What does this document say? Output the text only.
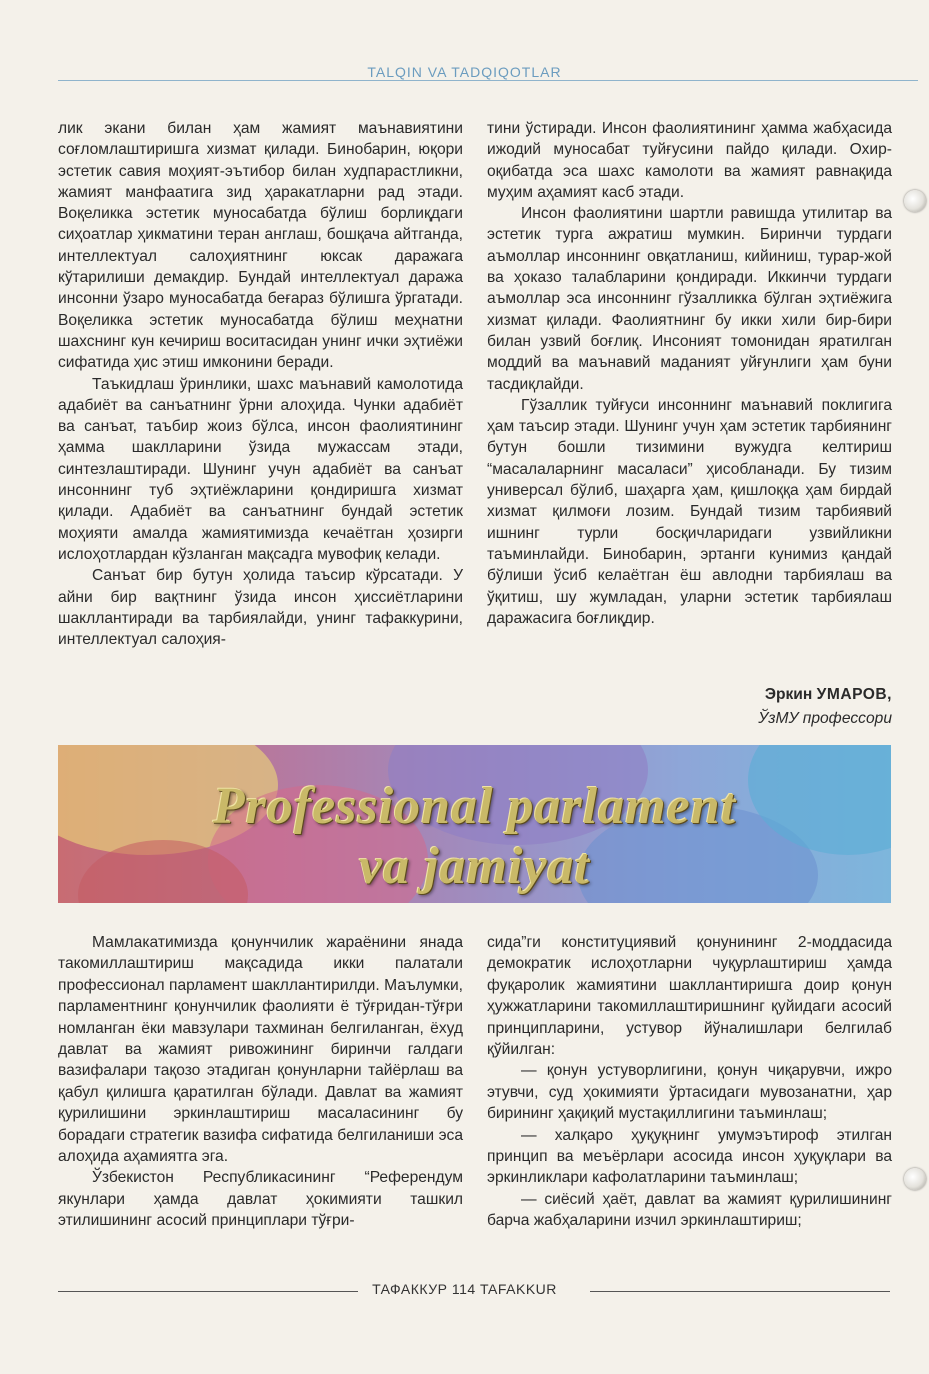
TALQIN VA TADQIQOTLAR

лик экани билан ҳам жамият маънавиятини соғломлаштиришга хизмат қилади. Бинобарин, юқори эстетик савия моҳият-эътибор билан худпарастликни, жамият манфаатига зид ҳаракатларни рад этади. Воқеликка эстетик муносабатда бўлиш борлиқдаги сиҳоатлар ҳикматини теран англаш, бошқача айтганда, интеллектуал салоҳиятнинг юксак даражага кўтарилиши демакдир. Бундай интеллектуал даража инсонни ўзаро муносабатда беғараз бўлишга ўргатади. Воқеликка эстетик муносабатда бўлиш меҳнатни шахснинг кун кечириш воситасидан унинг ички эҳтиёжи сифатида ҳис этиш имконини беради.

Таъкидлаш ўринлики, шахс маънавий камолотида адабиёт ва санъатнинг ўрни алоҳида. Чунки адабиёт ва санъат, таъбир жоиз бўлса, инсон фаолиятининг ҳамма шаклларини ўзида мужассам этади, синтезлаштиради. Шунинг учун адабиёт ва санъат инсоннинг туб эҳтиёжларини қондиришга хизмат қилади. Адабиёт ва санъатнинг бундай эстетик моҳияти амалда жамиятимизда кечаётган ҳозирги ислоҳотлардан кўзланган мақсадга мувофиқ келади.

Санъат бир бутун ҳолида таъсир кўрсатади. У айни бир вақтнинг ўзида инсон ҳиссиётларини шакллантиради ва тарбиялайди, унинг тафаккурини, интеллектуал салоҳия-

тини ўстиради. Инсон фаолиятининг ҳамма жабҳасида ижодий муносабат туйғусини пайдо қилади. Охир-оқибатда эса шахс камолоти ва жамият равнақида муҳим аҳамият касб этади.

Инсон фаолиятини шартли равишда утилитар ва эстетик турга ажратиш мумкин. Биринчи турдаги аъмоллар инсоннинг овқатланиш, кийиниш, турар-жой ва ҳоказо талабларини қондиради. Иккинчи турдаги аъмоллар эса инсоннинг гўзалликка бўлган эҳтиёжига хизмат қилади. Фаолиятнинг бу икки хили бир-бири билан узвий боғлиқ. Инсоният томонидан яратилган моддий ва маънавий маданият уйғунлиги ҳам буни тасдиқлайди.

Гўзаллик туйғуси инсоннинг маънавий поклигига ҳам таъсир этади. Шунинг учун ҳам эстетик тарбиянинг бутун бошли тизимини вужудга келтириш “масалаларнинг масаласи” ҳисобланади. Бу тизим универсал бўлиб, шаҳарга ҳам, қишлоққа ҳам бирдай хизмат қилмоғи лозим. Бундай тизим тарбиявий ишнинг турли босқичларидаги узвийликни таъминлайди. Бинобарин, эртанги кунимиз қандай бўлиши ўсиб келаётган ёш авлодни тарбиялаш ва ўқитиш, шу жумладан, уларни эстетик тарбиялаш даражасига боғлиқдир.

Эркин УМАРОВ,
ЎзМУ профессори
Professional parlament
va jamiyat

Мамлакатимизда қонунчилик жараёнини янада такомиллаштириш мақсадида икки палатали профессионал парламент шакллантирилди. Маълумки, парламентнинг қонунчилик фаолияти ё тўғридан-тўғри номланган ёки мавзулари тахминан белгиланган, ёхуд давлат ва жамият ривожининг биринчи галдаги вазифалари тақозо этадиган қонунларни тайёрлаш ва қабул қилишга қаратилган бўлади. Давлат ва жамият қурилишини эркинлаштириш масаласининг бу борадаги стратегик вазифа сифатида белгиланиши эса алоҳида аҳамиятга эга.

Ўзбекистон Республикасининг “Референдум якунлари ҳамда давлат ҳокимияти ташкил этилишининг асосий принциплари тўғри-

сида”ги конституциявий қонунининг 2-моддасида демократик ислоҳотларни чуқурлаштириш ҳамда фуқаролик жамиятини шакллантиришга доир қонун ҳужжатларини такомиллаштиришнинг қуйидаги асосий принципларини, устувор йўналишлари белгилаб қўйилган:

— қонун устуворлигини, қонун чиқарувчи, ижро этувчи, суд ҳокимияти ўртасидаги мувозанатни, ҳар бирининг ҳақиқий мустақиллигини таъминлаш;

— халқаро ҳуқуқнинг умумэътироф этилган принцип ва меъёрлари асосида инсон ҳуқуқлари ва эркинликлари кафолатларини таъминлаш;

— сиёсий ҳаёт, давлат ва жамият қурилишининг барча жабҳаларини изчил эркинлаштириш;

ТАФАККУР 114 TAFAKKUR
